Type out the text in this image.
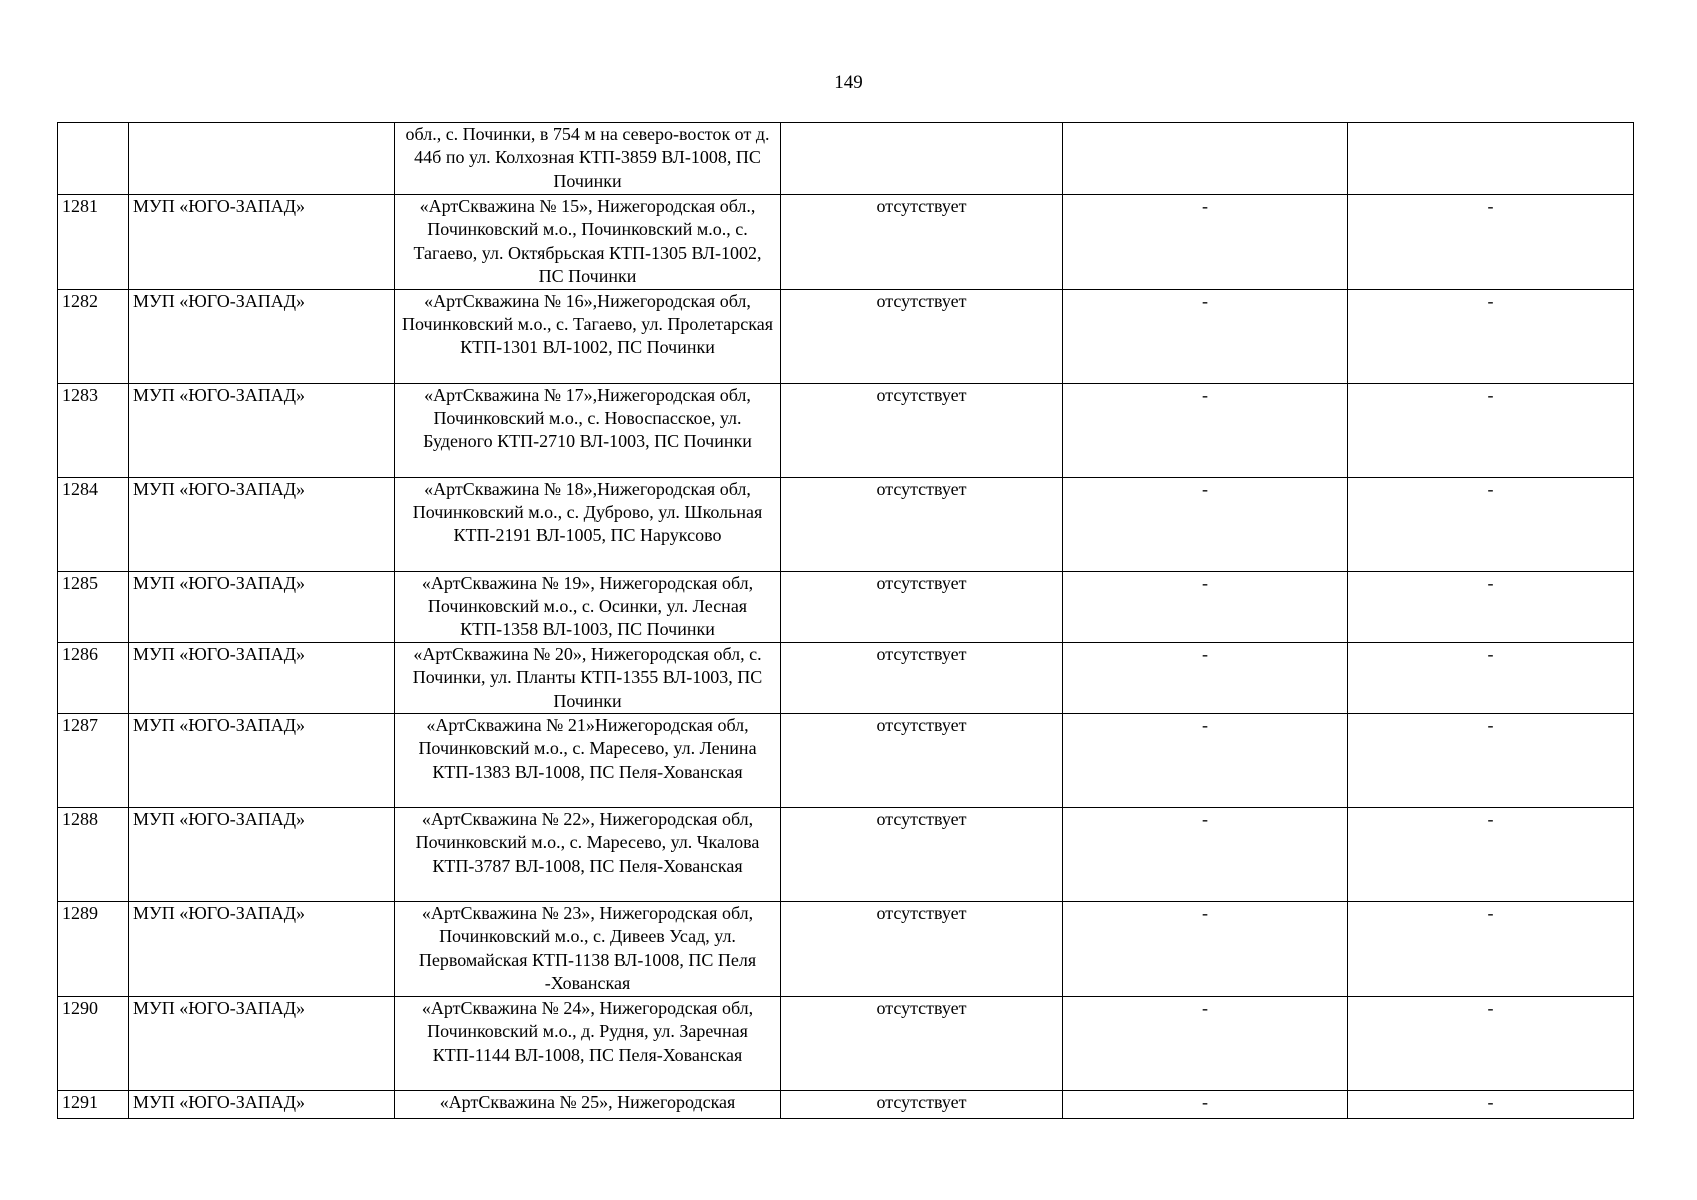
149
		обл., с. Починки, в 754 м на северо-восток от д. 44б по ул. Колхозная КТП-3859 ВЛ-1008, ПС Починки			
1281	МУП «ЮГО-ЗАПАД»	«АртСкважина № 15», Нижегородская обл., Починковский м.о., Починковский м.о., с. Тагаево, ул. Октябрьская КТП-1305 ВЛ-1002, ПС Починки	отсутствует	-	-
1282	МУП «ЮГО-ЗАПАД»	«АртСкважина № 16»,Нижегородская обл, Починковский м.о., с. Тагаево, ул. Пролетарская КТП-1301 ВЛ-1002, ПС Починки	отсутствует	-	-
1283	МУП «ЮГО-ЗАПАД»	«АртСкважина № 17»,Нижегородская обл, Починковский м.о., с. Новоспасское, ул. Буденого КТП-2710 ВЛ-1003, ПС Починки	отсутствует	-	-
1284	МУП «ЮГО-ЗАПАД»	«АртСкважина № 18»,Нижегородская обл, Починковский м.о., с. Дуброво, ул. Школьная КТП-2191 ВЛ-1005, ПС Наруксово	отсутствует	-	-
1285	МУП «ЮГО-ЗАПАД»	«АртСкважина № 19», Нижегородская обл, Починковский м.о., с. Осинки, ул. Лесная КТП-1358 ВЛ-1003, ПС Починки	отсутствует	-	-
1286	МУП «ЮГО-ЗАПАД»	«АртСкважина № 20», Нижегородская обл, с. Починки, ул. Планты КТП-1355 ВЛ-1003, ПС Починки	отсутствует	-	-
1287	МУП «ЮГО-ЗАПАД»	«АртСкважина № 21»Нижегородская обл, Починковский м.о., с. Маресево, ул. Ленина КТП-1383 ВЛ-1008, ПС Пеля-Хованская	отсутствует	-	-
1288	МУП «ЮГО-ЗАПАД»	«АртСкважина № 22», Нижегородская обл, Починковский м.о., с. Маресево, ул. Чкалова КТП-3787 ВЛ-1008, ПС Пеля-Хованская	отсутствует	-	-
1289	МУП «ЮГО-ЗАПАД»	«АртСкважина № 23», Нижегородская обл, Починковский м.о., с. Дивеев Усад, ул. Первомайская КТП-1138 ВЛ-1008, ПС Пеля -Хованская	отсутствует	-	-
1290	МУП «ЮГО-ЗАПАД»	«АртСкважина № 24», Нижегородская обл, Починковский м.о., д. Рудня, ул. Заречная КТП-1144 ВЛ-1008, ПС Пеля-Хованская	отсутствует	-	-
1291	МУП «ЮГО-ЗАПАД»	«АртСкважина № 25», Нижегородская	отсутствует	-	-
